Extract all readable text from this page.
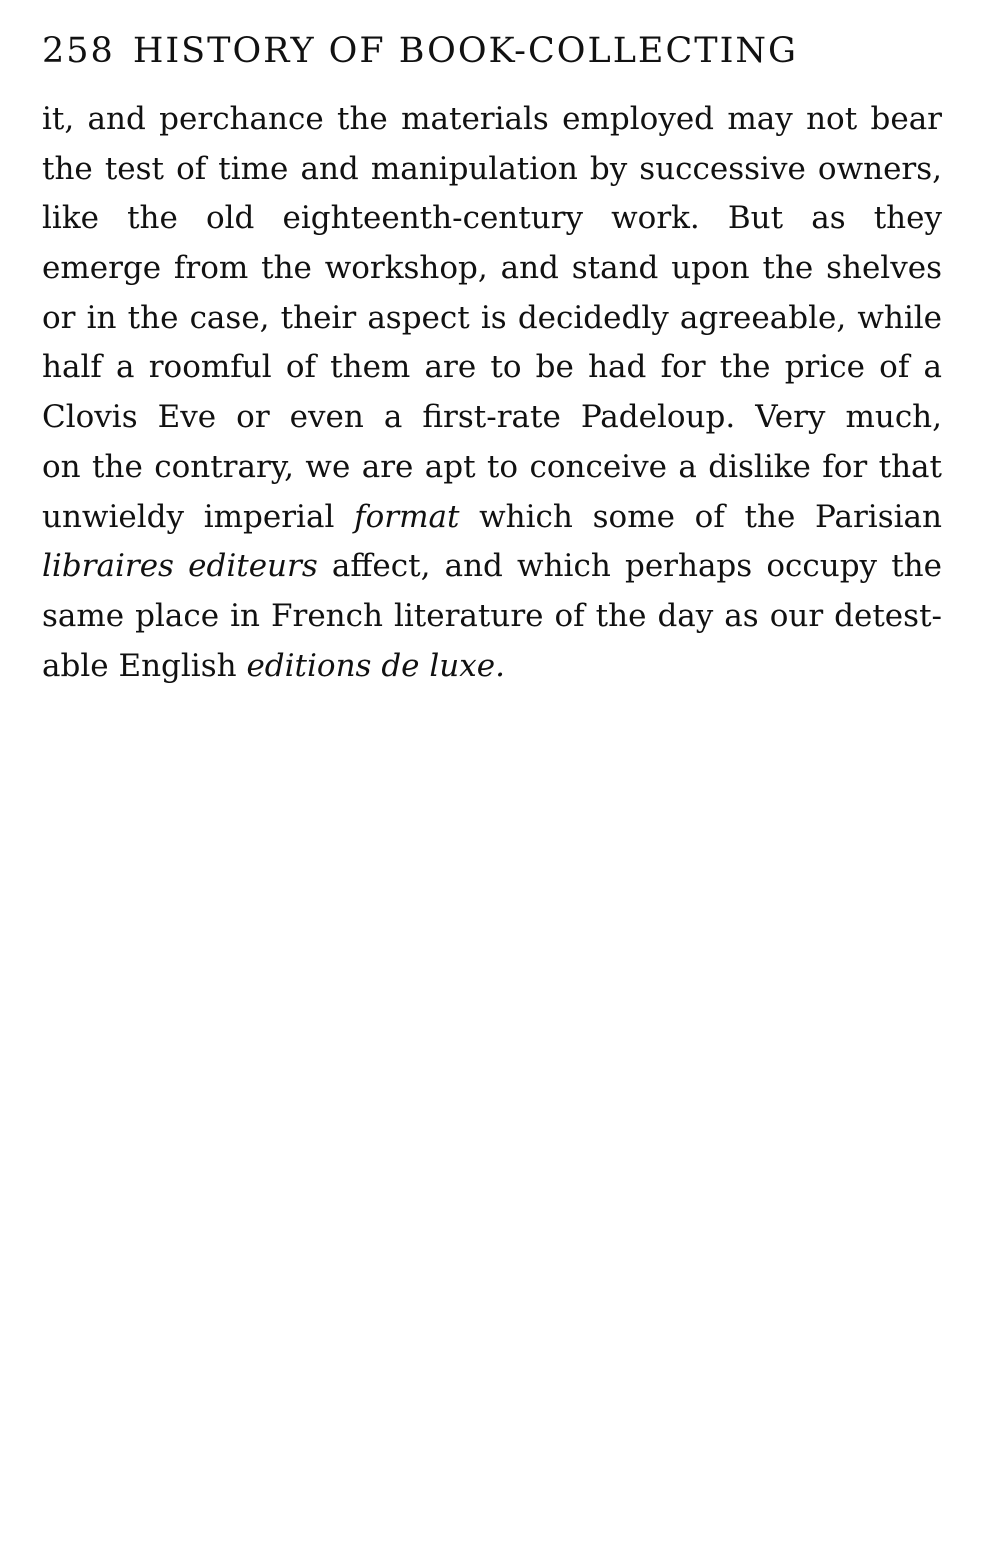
258 HISTORY OF BOOK-COLLECTING
it, and perchance the materials employed may not bear
the test of time and manipulation by successive owners,
like the old eighteenth-century work. But as they
emerge from the workshop, and stand upon the shelves
or in the case, their aspect is decidedly agreeable, while
half a roomful of them are to be had for the price of a
Clovis Eve or even a first-rate Padeloup. Very much,
on the contrary, we are apt to conceive a dislike for that
unwieldy imperial format which some of the Parisian
libraires editeurs affect, and which perhaps occupy the
same place in French literature of the day as our detest-
able English editions de luxe.
